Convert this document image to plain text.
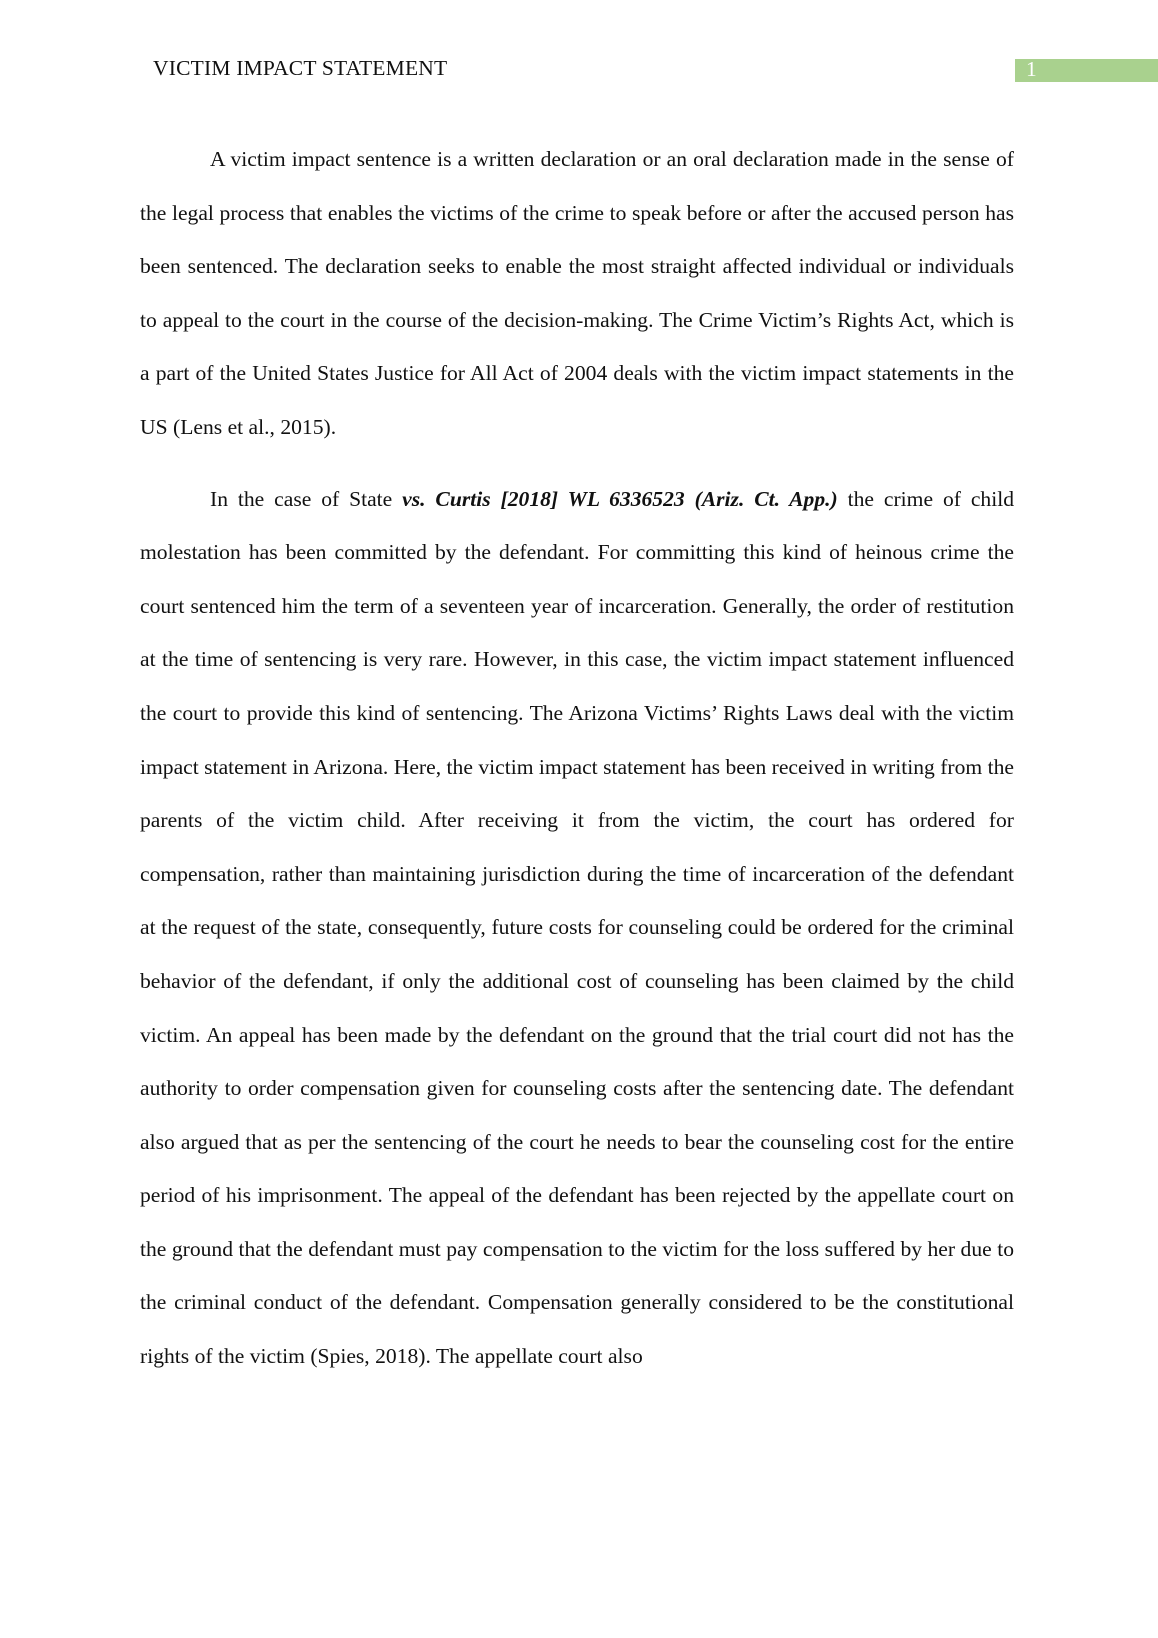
VICTIM IMPACT STATEMENT	1

A victim impact sentence is a written declaration or an oral declaration made in the sense of the legal process that enables the victims of the crime to speak before or after the accused person has been sentenced. The declaration seeks to enable the most straight affected individual or individuals to appeal to the court in the course of the decision-making. The Crime Victim’s Rights Act, which is a part of the United States Justice for All Act of 2004 deals with the victim impact statements in the US (Lens et al., 2015).

In the case of State vs. Curtis [2018] WL 6336523 (Ariz. Ct. App.) the crime of child molestation has been committed by the defendant. For committing this kind of heinous crime the court sentenced him the term of a seventeen year of incarceration. Generally, the order of restitution at the time of sentencing is very rare. However, in this case, the victim impact statement influenced the court to provide this kind of sentencing. The Arizona Victims’ Rights Laws deal with the victim impact statement in Arizona. Here, the victim impact statement has been received in writing from the parents of the victim child. After receiving it from the victim, the court has ordered for compensation, rather than maintaining jurisdiction during the time of incarceration of the defendant at the request of the state, consequently, future costs for counseling could be ordered for the criminal behavior of the defendant, if only the additional cost of counseling has been claimed by the child victim. An appeal has been made by the defendant on the ground that the trial court did not has the authority to order compensation given for counseling costs after the sentencing date. The defendant also argued that as per the sentencing of the court he needs to bear the counseling cost for the entire period of his imprisonment. The appeal of the defendant has been rejected by the appellate court on the ground that the defendant must pay compensation to the victim for the loss suffered by her due to the criminal conduct of the defendant. Compensation generally considered to be the constitutional rights of the victim (Spies, 2018). The appellate court also
